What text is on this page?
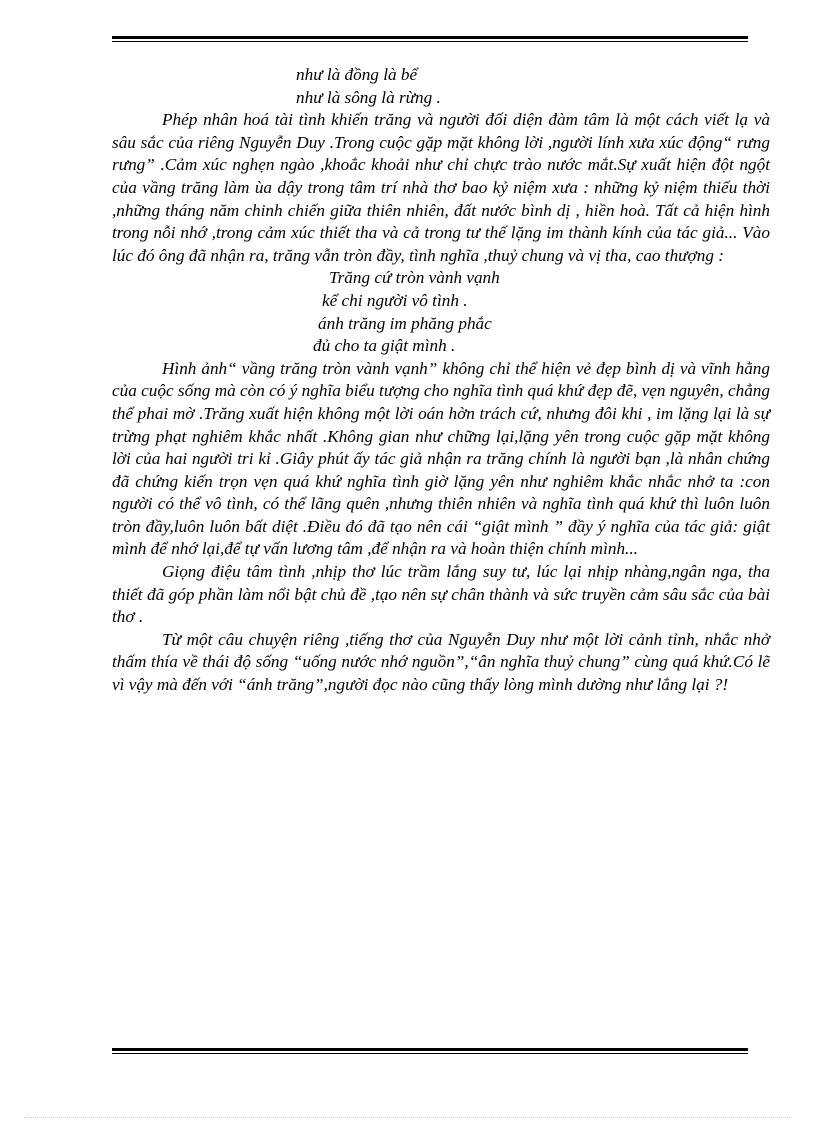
như là đồng là bể

như là sông là rừng .

Phép nhân hoá tài tình khiến trăng và người đối diện đàm tâm là một cách viết lạ và sâu sắc của riêng Nguyễn Duy .Trong cuộc gặp mặt không lời ,người lính xưa xúc động“ rưng rưng” .Cảm xúc nghẹn ngào ,khoắc khoải như chỉ chực trào nước mắt.Sự xuất hiện đột ngột của vầng trăng làm ùa dậy trong tâm trí nhà thơ bao kỷ niệm xưa : những kỷ niệm thiếu thời ,những tháng năm chinh chiến giữa thiên nhiên, đất nước bình dị , hiền hoà. Tất cả hiện hình trong nỗi nhớ ,trong cảm xúc thiết tha và cả trong tư thế lặng im thành kính của tác giả... Vào lúc đó ông đã nhận ra, trăng vẫn tròn đầy, tình nghĩa ,thuỷ chung và vị tha, cao thượng :

Trăng cứ tròn vành vạnh

kể chi người vô tình .

ánh trăng im phăng phắc

đủ cho ta giật mình .

Hình ảnh“ vầng trăng tròn vành vạnh” không chỉ thể hiện vẻ đẹp bình dị và vĩnh hằng của cuộc sống mà còn có ý nghĩa biểu tượng cho nghĩa tình quá khứ đẹp đẽ, vẹn nguyên, chẳng thể phai mờ .Trăng xuất hiện không một lời oán hờn trách cứ, nhưng đôi khi , im lặng lại là sự trừng phạt nghiêm khắc nhất .Không gian như chững lại,lặng yên trong cuộc gặp mặt không lời của hai người tri kỉ .Giây phút ấy tác giả nhận ra trăng chính là người bạn ,là nhân chứng đã chứng kiến trọn vẹn quá khứ nghĩa tình giờ lặng yên như nghiêm khắc nhắc nhở ta :con người có thể vô tình, có thể lãng quên ,nhưng thiên nhiên và nghĩa tình quá khứ thì luôn luôn tròn đầy,luôn luôn bất diệt .Điều đó đã tạo nên cái “giật mình ” đầy ý nghĩa của tác giả: giật mình để nhớ lại,để tự vấn lương tâm ,để nhận ra và hoàn thiện chính mình...

Giọng điệu tâm tình ,nhịp thơ lúc trầm lắng suy tư, lúc lại nhịp nhàng,ngân nga, tha thiết đã góp phần làm nổi bật chủ đề ,tạo nên sự chân thành và sức truyền cảm sâu sắc của bài thơ .

Từ một câu chuyện riêng ,tiếng thơ của Nguyễn Duy như một lời cảnh tỉnh, nhắc nhở thấm thía về thái độ sống “uống nước nhớ nguồn”,“ân nghĩa thuỷ chung” cùng quá khứ.Có lẽ vì vậy mà đến với “ánh trăng”,người đọc nào cũng thấy lòng mình dường như lắng lại ?!
